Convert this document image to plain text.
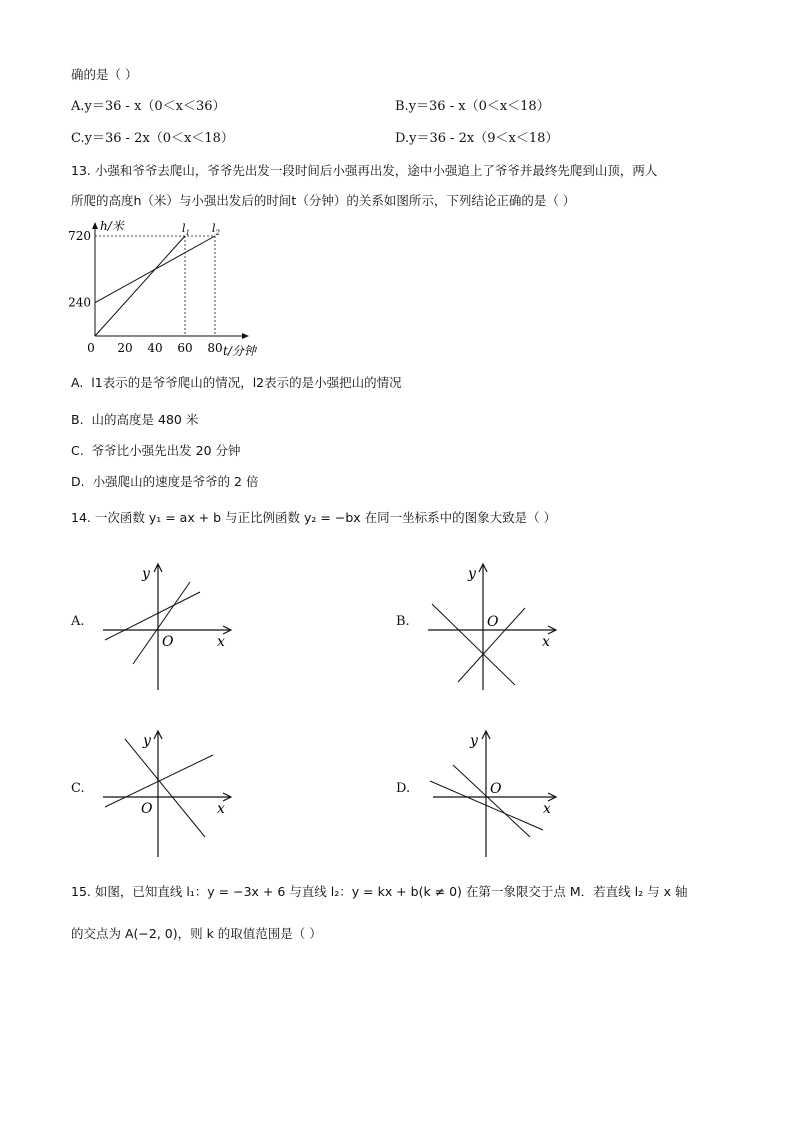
确的是（ ）
A.y＝36 - x（0＜x＜36）	B.y＝36 - x（0＜x＜18）
C.y＝36 - 2x（0＜x＜18）	D.y＝36 - 2x（9＜x＜18）
13. 小强和爷爷去爬山，爷爷先出发一段时间后小强再出发，途中小强追上了爷爷并最终先爬到山顶，两人
所爬的高度h（米）与小强出发后的时间t（分钟）的关系如图所示，下列结论正确的是（ ）
h/米
t/分钟
0 20 40 60 80
720
240
$l_1$ $l_2$
A. l1表示的是爷爷爬山的情况，l2表示的是小强把山的情况
B. 山的高度是 480 米
C. 爷爷比小强先出发 20 分钟
D. 小强爬山的速度是爷爷的 2 倍
14. 一次函数 y₁ = ax + b 与正比例函数 y₂ = −bx 在同一坐标系中的图象大致是（ ）
A.
y
x
O
B.
y
x
O
C.
y
x
O
D.
y
x
O
15. 如图，已知直线 l₁：y = −3x + 6 与直线 l₂：y = kx + b(k ≠ 0) 在第一象限交于点 M．若直线 l₂ 与 x 轴
的交点为 A(−2, 0)，则 k 的取值范围是（ ）
